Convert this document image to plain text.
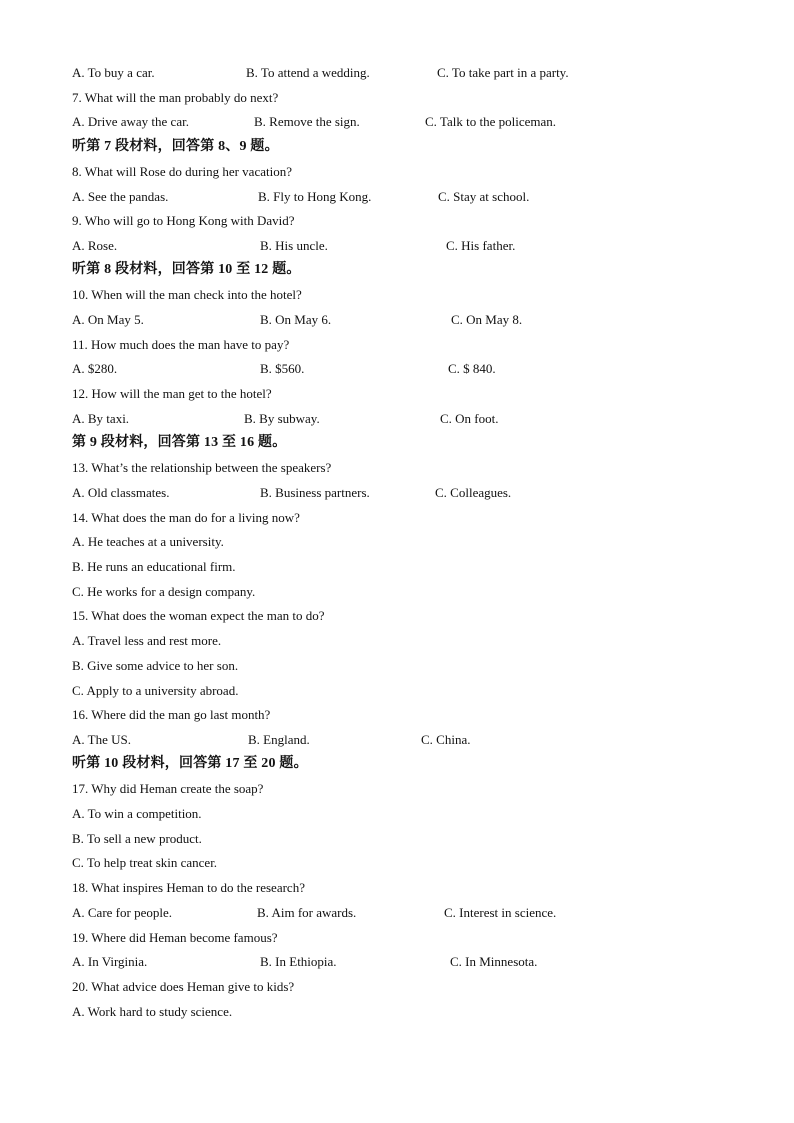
A. To buy a car.	B. To attend a wedding.	C. To take part in a party.
7. What will the man probably do next?
A. Drive away the car.	B. Remove the sign.	C. Talk to the policeman.
听第 7 段材料，回答第 8、9 题。
8. What will Rose do during her vacation?
A. See the pandas.	B. Fly to Hong Kong.	C. Stay at school.
9. Who will go to Hong Kong with David?
A. Rose.	B. His uncle.	C. His father.
听第 8 段材料，回答第 10 至 12 题。
10. When will the man check into the hotel?
A. On May 5.	B. On May 6.	C. On May 8.
11. How much does the man have to pay?
A. $280.	B. $560.	C. $ 840.
12. How will the man get to the hotel?
A. By taxi.	B. By subway.	C. On foot.
第 9 段材料，回答第 13 至 16 题。
13. What’s the relationship between the speakers?
A. Old classmates.	B. Business partners.	C. Colleagues.
14. What does the man do for a living now?
A. He teaches at a university.
B. He runs an educational firm.
C. He works for a design company.
15. What does the woman expect the man to do?
A. Travel less and rest more.
B. Give some advice to her son.
C. Apply to a university abroad.
16. Where did the man go last month?
A. The US.	B. England.	C. China.
听第 10 段材料，回答第 17 至 20 题。
17. Why did Heman create the soap?
A. To win a competition.
B. To sell a new product.
C. To help treat skin cancer.
18. What inspires Heman to do the research?
A. Care for people.	B. Aim for awards.	C. Interest in science.
19. Where did Heman become famous?
A. In Virginia.	B. In Ethiopia.	C. In Minnesota.
20. What advice does Heman give to kids?
A. Work hard to study science.
